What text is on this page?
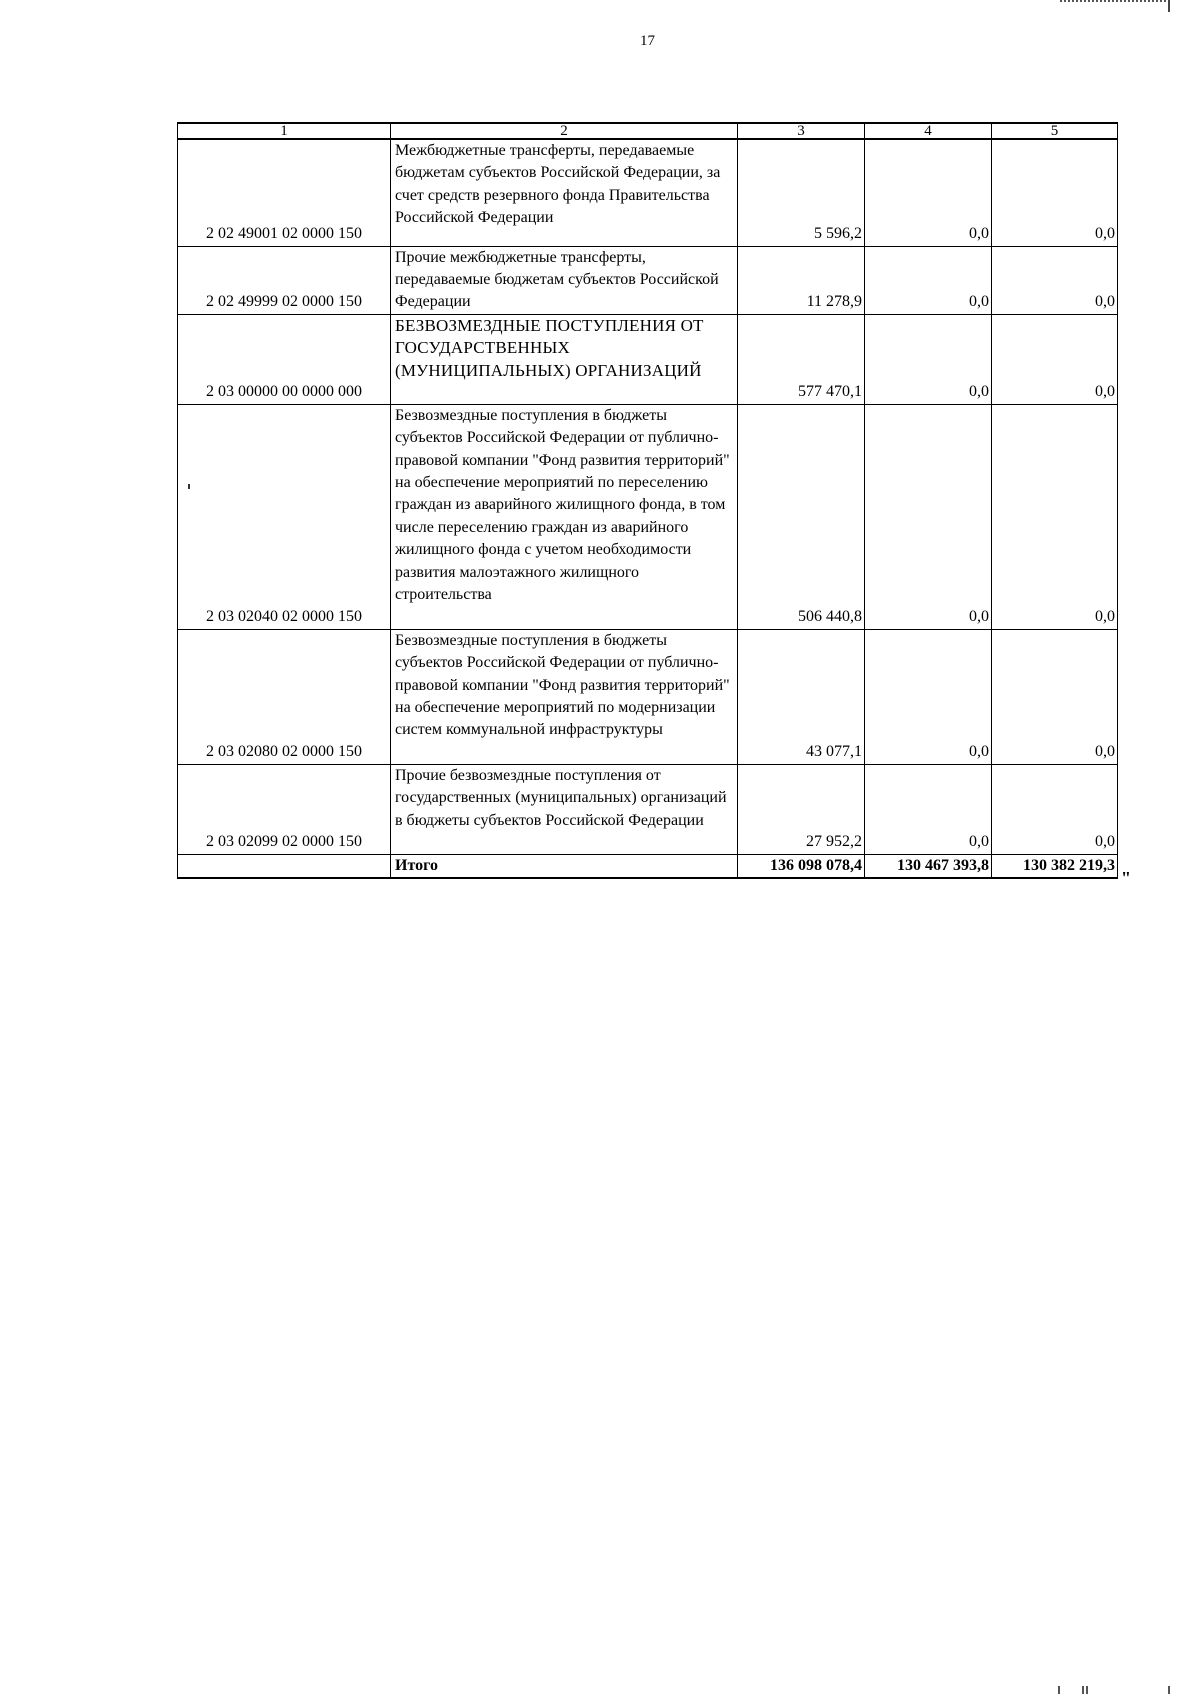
17
1	2	3	4	5
2 02 49001 02 0000 150	Межбюджетные трансферты, передаваемые бюджетам субъектов Российской Федерации, за счет средств резервного фонда Правительства Российской Федерации	5 596,2	0,0	0,0
2 02 49999 02 0000 150	Прочие межбюджетные трансферты, передаваемые бюджетам субъектов Российской Федерации	11 278,9	0,0	0,0
2 03 00000 00 0000 000	БЕЗВОЗМЕЗДНЫЕ ПОСТУПЛЕНИЯ ОТ ГОСУДАРСТВЕННЫХ (МУНИЦИПАЛЬНЫХ) ОРГАНИЗАЦИЙ	577 470,1	0,0	0,0
2 03 02040 02 0000 150	Безвозмездные поступления в бюджеты субъектов Российской Федерации от публично-правовой компании "Фонд развития территорий" на обеспечение мероприятий по переселению граждан из аварийного жилищного фонда, в том числе переселению граждан из аварийного жилищного фонда с учетом необходимости развития малоэтажного жилищного строительства	506 440,8	0,0	0,0
2 03 02080 02 0000 150	Безвозмездные поступления в бюджеты субъектов Российской Федерации от публично-правовой компании "Фонд развития территорий" на обеспечение мероприятий по модернизации систем коммунальной инфраструктуры	43 077,1	0,0	0,0
2 03 02099 02 0000 150	Прочие безвозмездные поступления от государственных (муниципальных) организаций в бюджеты субъектов Российской Федерации	27 952,2	0,0	0,0
	Итого	136 098 078,4	130 467 393,8	130 382 219,3
"
